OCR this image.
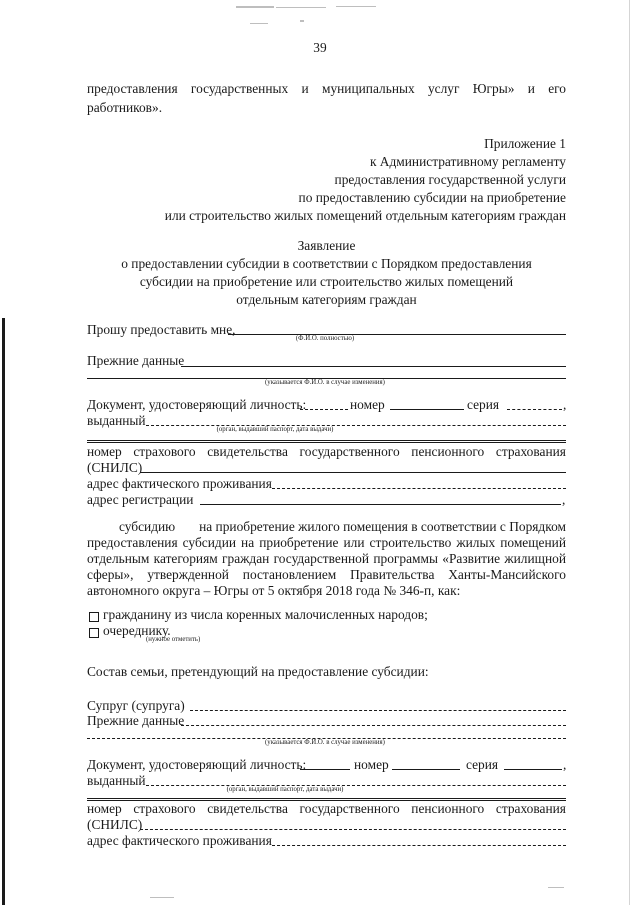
39
предоставления государственных и муниципальных услуг Югры» и его
работников».
Приложение 1
к Административному регламенту
предоставления государственной услуги
по предоставлению субсидии на приобретение
или строительство жилых помещений отдельным категориям граждан
Заявление
о предоставлении субсидии в соответствии с Порядком предоставления
субсидии на приобретение или строительство жилых помещений
отдельным категориям граждан
Прошу предоставить мне,
(Ф.И.О. полностью)
Прежние данные
(указывается Ф.И.О. в случае изменения)
Документ, удостоверяющий личность:	номер	серия	,
выданный
(орган, выдавший паспорт, дата выдачи)
номер страхового свидетельства государственного пенсионного страхования
(СНИЛС)
адрес фактического проживания
адрес регистрации	,
субсидию на приобретение жилого помещения в соответствии с Порядком
предоставления субсидии на приобретение или строительство жилых помещений
отдельным категориям граждан государственной программы «Развитие жилищной
сферы», утвержденной постановлением Правительства Ханты-Мансийского
автономного округа – Югры от 5 октября 2018 года № 346-п, как:
гражданину из числа коренных малочисленных народов;
очереднику.
(нужное отметить)
Состав семьи, претендующий на предоставление субсидии:
Супруг (супруга)
Прежние данные
(указывается Ф.И.О. в случае изменения)
Документ, удостоверяющий личность:	номер	серия	,
выданный
(орган, выдавший паспорт, дата выдачи)
номер страхового свидетельства государственного пенсионного страхования
(СНИЛС)
адрес фактического проживания
